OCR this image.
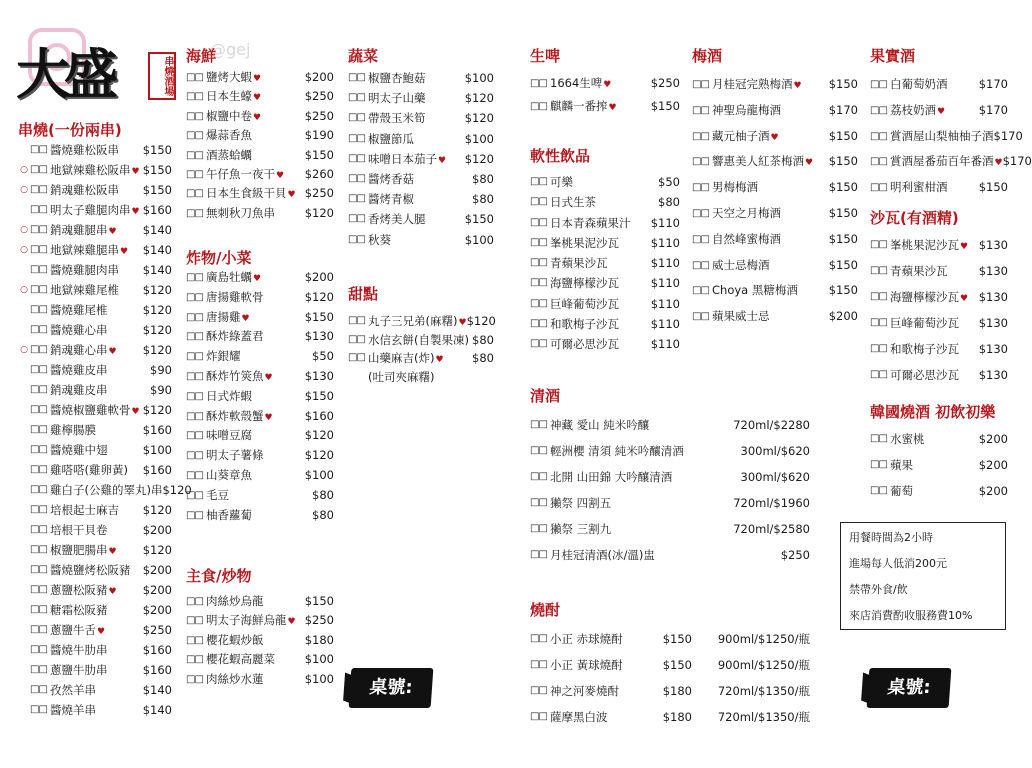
大盛	串燒酒場
@gej
串燒(一份兩串)
□□ 醬燒雞松阪串	$150
○ □□ 地獄辣雞松阪串♥ $150
○ □□ 銷魂雞松阪串	$150
□□ 明太子雞腿肉串♥ $160
○ □□ 銷魂雞腿串♥	$140
○ □□ 地獄辣雞腿串♥	$140
□□ 醬燒雞腿肉串	$140
○ □□ 地獄辣雞尾椎	$120
□□ 醬燒雞尾椎	$120
□□ 醬燒雞心串	$120
○ □□ 銷魂雞心串♥	$120
□□ 醬燒雞皮串	$90
□□ 銷魂雞皮串	$90
□□ 醬燒椒鹽雞軟骨♥ $120
□□ 雞檸腸膜	$160
□□ 醬燒雞中翅	$100
□□ 雞嗒嗒(雞卵黃)	$160
□□ 雞白子(公雞的睪丸)串 $120
□□ 培根起士麻吉	$120
□□ 培根干貝卷	$200
□□ 椒鹽肥腸串♥	$120
□□ 醬燒鹽烤松阪豬	$200
□□ 蔥鹽松阪豬♥	$200
□□ 糖霜松阪豬	$200
□□ 蔥鹽牛舌♥	$250
□□ 醬燒牛肋串	$160
□□ 蔥鹽牛肋串	$160
□□ 孜然羊串	$140
□□ 醬燒羊串	$140
海鮮
□□ 鹽烤大蝦♥	$200
□□ 日本生蠔♥	$250
□□ 椒鹽中卷♥	$250
□□ 爆蒜香魚	$190
□□ 酒蒸蛤蠣	$150
□□ 午仔魚一夜干♥	$260
□□ 日本生食級干貝♥ $250
□□ 無刺秋刀魚串	$120
炸物/小菜
□□ 廣島牡蠣♥	$200
□□ 唐揚雞軟骨	$120
□□ 唐揚雞♥	$150
□□ 酥炸綠蓋君	$130
□□ 炸銀耀	$50
□□ 酥炸竹筴魚♥	$130
□□ 日式炸蝦	$150
□□ 酥炸軟殼蟹♥	$160
□□ 味噌豆腐	$120
□□ 明太子薯條	$120
□□ 山葵章魚	$100
□□ 毛豆	$80
□□ 柚香蘿蔔	$80
主食/炒物
□□ 肉絲炒烏龍	$150
□□ 明太子海鮮烏龍♥ $250
□□ 櫻花蝦炒飯	$180
□□ 櫻花蝦高麗菜	$100
□□ 肉絲炒水蓮	$100
蔬菜
□□ 椒鹽杏鮑菇	$100
□□ 明太子山藥	$120
□□ 帶殼玉米筍	$120
□□ 椒鹽節瓜	$100
□□ 味噌日本茄子♥	$120
□□ 醬烤香菇	$80
□□ 醬烤青椒	$80
□□ 香烤美人腿	$150
□□ 秋葵	$100
甜點
□□ 丸子三兄弟(麻糬)♥ $120
□□ 水信玄餅(自製果凍) $80
□□ 山藥麻吉(炸)♥	$80
(吐司夾麻糬)
生啤
□□ 1664生啤♥	$250
□□ 麒麟一番搾♥	$150
軟性飲品
□□ 可樂	$50
□□ 日式生茶	$80
□□ 日本青森蘋果汁	$110
□□ 峯桃果泥沙瓦	$110
□□ 青蘋果沙瓦	$110
□□ 海鹽檸檬沙瓦	$110
□□ 巨峰葡萄沙瓦	$110
□□ 和歌梅子沙瓦	$110
□□ 可爾必思沙瓦	$110
清酒
□□ 神藏 愛山 純米吟釀	720ml/$2280
□□ 輕洲櫻 清須 純米吟釀清酒	300ml/$620
□□ 北開 山田錦 大吟釀清酒	300ml/$620
□□ 獺祭 四割五	720ml/$1960
□□ 獺祭 三割九	720ml/$2580
□□ 月桂冠清酒(冰/溫)盅	$250
燒酎
□□ 小正 赤球燒酎	$150	900ml/$1250/瓶
□□ 小正 黃球燒酎	$150	900ml/$1250/瓶
□□ 神之河麥燒酎	$180	720ml/$1350/瓶
□□ 薩摩黑白波	$180	720ml/$1350/瓶
梅酒
□□ 月桂冠完熟梅酒♥	$150
□□ 神聖烏龍梅酒	$170
□□ 藏元柚子酒♥	$150
□□ 響惠美人紅茶梅酒♥	$150
□□ 男梅梅酒	$150
□□ 天空之月梅酒	$150
□□ 自然峰蜜梅酒	$150
□□ 威士忌梅酒	$150
□□ Choya 黑糖梅酒	$150
□□ 蘋果威士忌	$200
果實酒
□□ 白葡萄奶酒	$170
□□ 荔枝奶酒♥	$170
□□ 賞酒屋山梨柚柚子酒 $170
□□ 賞酒屋番茄百年番酒♥ $170
□□ 明利蜜柑酒	$150
沙瓦(有酒精)
□□ 峯桃果泥沙瓦♥ $130
□□ 青蘋果沙瓦	$130
□□ 海鹽檸檬沙瓦♥ $130
□□ 巨峰葡萄沙瓦	$130
□□ 和歌梅子沙瓦	$130
□□ 可爾必思沙瓦	$130
韓國燒酒 初飲初樂
□□ 水蜜桃	$200
□□ 蘋果	$200
□□ 葡萄	$200
用餐時間為2小時
進場每人低消200元
禁帶外食/飲
來店消費酌收服務費10%
桌號:	桌號:
